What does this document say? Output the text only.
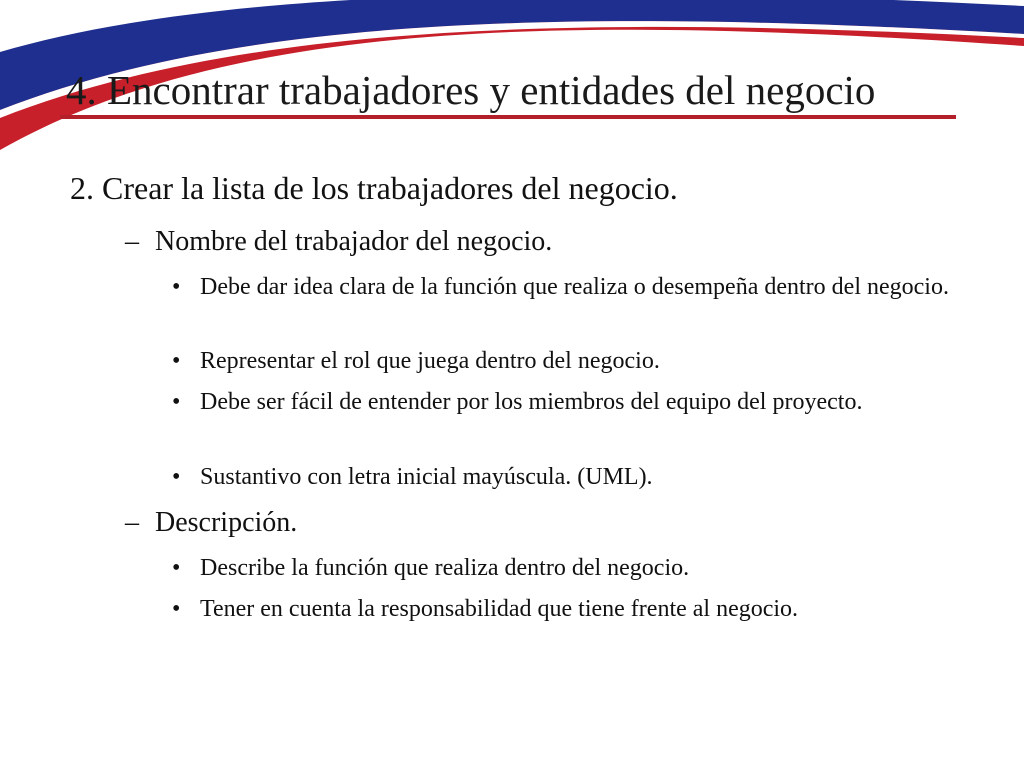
4. Encontrar trabajadores y entidades del negocio
2. Crear la lista de los trabajadores del negocio.
– Nombre del trabajador del negocio.
• Debe dar idea clara de la función que realiza o desempeña dentro del negocio.
• Representar el rol que juega dentro del negocio.
• Debe ser fácil de entender por los miembros del equipo del proyecto.
• Sustantivo con letra inicial mayúscula. (UML).
– Descripción.
• Describe la función que realiza dentro del negocio.
• Tener en cuenta la responsabilidad que tiene frente al negocio.
